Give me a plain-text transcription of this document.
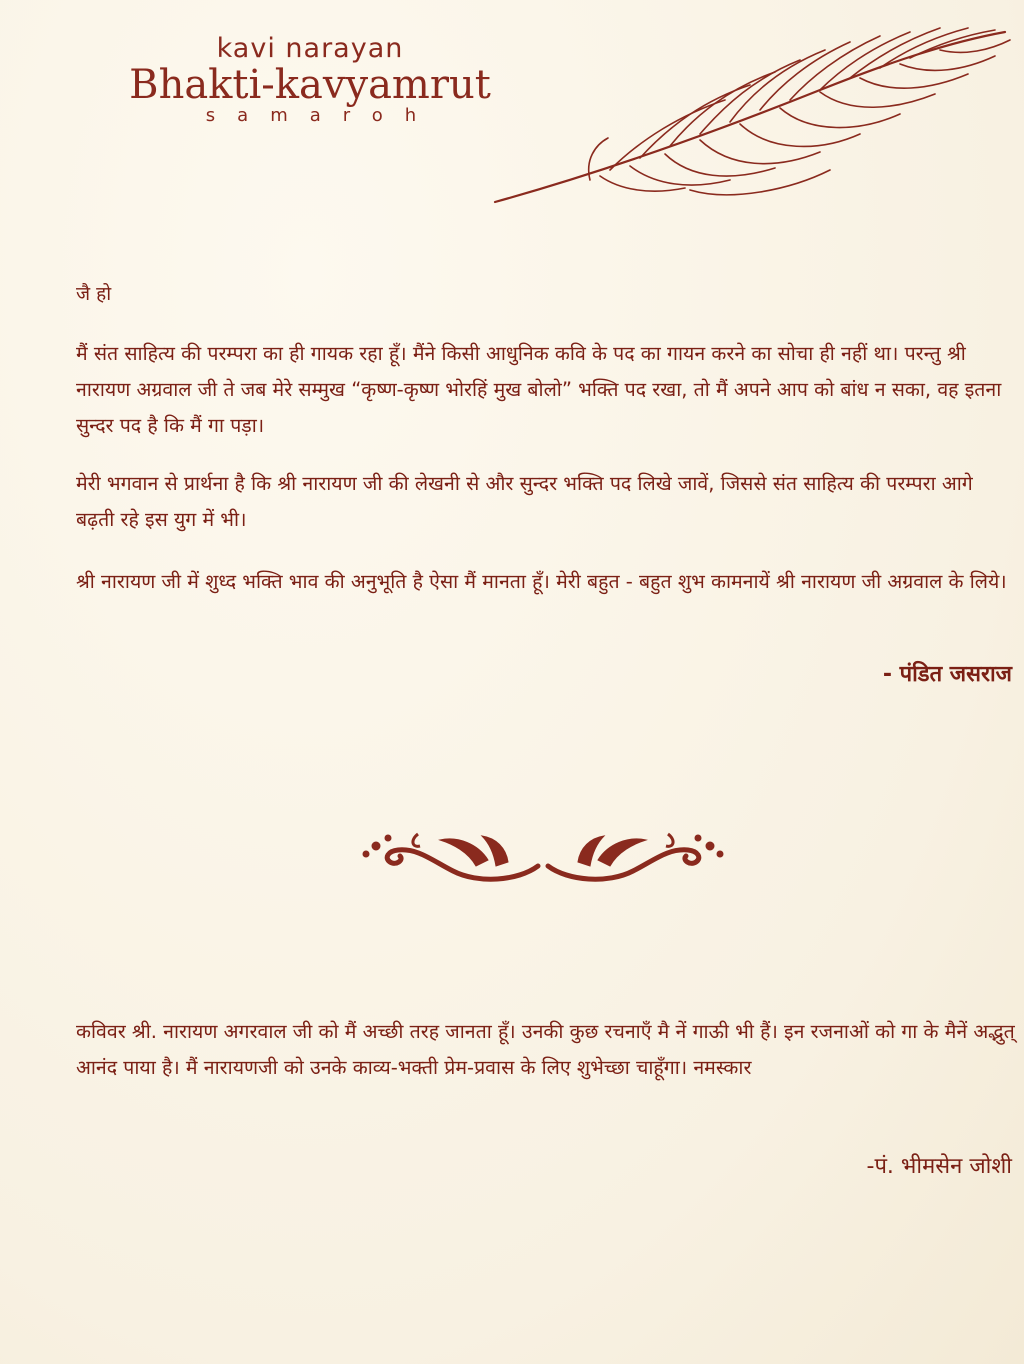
kavi narayan
Bhakti-kavyamrut
samaroh
जै हो

मैं संत साहित्य की परम्परा का ही गायक रहा हूँ। मैंने किसी आधुनिक कवि के पद का गायन करने का सोचा ही नहीं था। परन्तु श्री नारायण अग्रवाल जी ते जब मेरे सम्मुख “कृष्ण-कृष्ण भोरहिं मुख बोलो” भक्ति पद रखा, तो मैं अपने आप को बांध न सका, वह इतना सुन्दर पद है कि मैं गा पड़ा।

मेरी भगवान से प्रार्थना है कि श्री नारायण जी की लेखनी से और सुन्दर भक्ति पद लिखे जावें, जिससे संत साहित्य की परम्परा आगे बढ़ती रहे इस युग में भी।

श्री नारायण जी में शुध्द भक्ति भाव की अनुभूति है ऐसा मैं मानता हूँ। मेरी बहुत - बहुत शुभ कामनायें श्री नारायण जी अग्रवाल के लिये।

- पंडित जसराज

कविवर श्री. नारायण अगरवाल जी को मैं अच्छी तरह जानता हूँ। उनकी कुछ रचनाएँ मै नें गाऊी भी हैं। इन रजनाओं को गा के मैनें अद्भुत् आनंद पाया है। मैं नारायणजी को उनके काव्य-भक्ती प्रेम-प्रवास के लिए शुभेच्छा चाहूँगा। नमस्कार

-पं. भीमसेन जोशी
